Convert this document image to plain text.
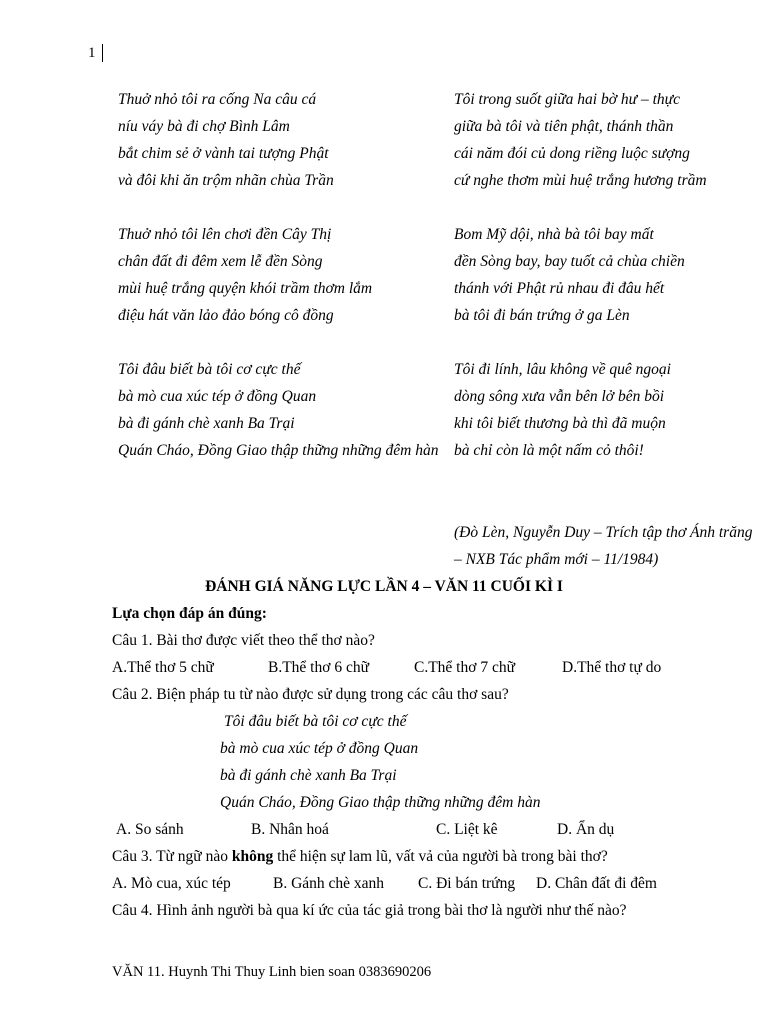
1
Thuở nhỏ tôi ra cống Na câu cá
níu váy bà đi chợ Bình Lâm
bắt chim sẻ ở vành tai tượng Phật
và đôi khi ăn trộm nhãn chùa Trần
Thuở nhỏ tôi lên chơi đền Cây Thị
chân đất đi đêm xem lễ đền Sòng
mùi huệ trắng quyện khói trầm thơm lắm
điệu hát văn lảo đảo bóng cô đồng
Tôi đâu biết bà tôi cơ cực thế
bà mò cua xúc tép ở đồng Quan
bà đi gánh chè xanh Ba Trại
Quán Cháo, Đồng Giao thập thững những đêm hàn
Tôi trong suốt giữa hai bờ hư – thực
giữa bà tôi và tiên phật, thánh thần
cái năm đói củ dong riềng luộc sượng
cứ nghe thơm mùi huệ trắng hương trầm
Bom Mỹ dội, nhà bà tôi bay mất
đền Sòng bay, bay tuốt cả chùa chiền
thánh với Phật rủ nhau đi đâu hết
bà tôi đi bán trứng ở ga Lèn
Tôi đi lính, lâu không về quê ngoại
dòng sông xưa vẫn bên lở bên bồi
khi tôi biết thương bà thì đã muộn
bà chỉ còn là một nấm cỏ thôi!
(Đò Lèn, Nguyễn Duy – Trích tập thơ Ánh trăng – NXB Tác phẩm mới – 11/1984)
ĐÁNH GIÁ NĂNG LỰC LẦN 4 – VĂN 11 CUỐI KÌ I
Lựa chọn đáp án đúng:
Câu 1. Bài thơ được viết theo thể thơ nào?
A.Thể thơ 5 chữ	B.Thể thơ 6 chữ	C.Thể thơ 7 chữ	D.Thể thơ tự do
Câu 2. Biện pháp tu từ nào được sử dụng trong các câu thơ sau?
Tôi đâu biết bà tôi cơ cực thế
bà mò cua xúc tép ở đồng Quan
bà đi gánh chè xanh Ba Trại
Quán Cháo, Đồng Giao thập thững những đêm hàn
A. So sánh	B. Nhân hoá	C. Liệt kê	D. Ẩn dụ
Câu 3. Từ ngữ nào không thể hiện sự lam lũ, vất vả của người bà trong bài thơ?
A. Mò cua, xúc tép	B. Gánh chè xanh C. Đi bán trứng D. Chân đất đi đêm
Câu 4. Hình ảnh người bà qua kí ức của tác giả trong bài thơ là người như thế nào?
VĂN 11. Huynh Thi Thuy Linh bien soan 0383690206
